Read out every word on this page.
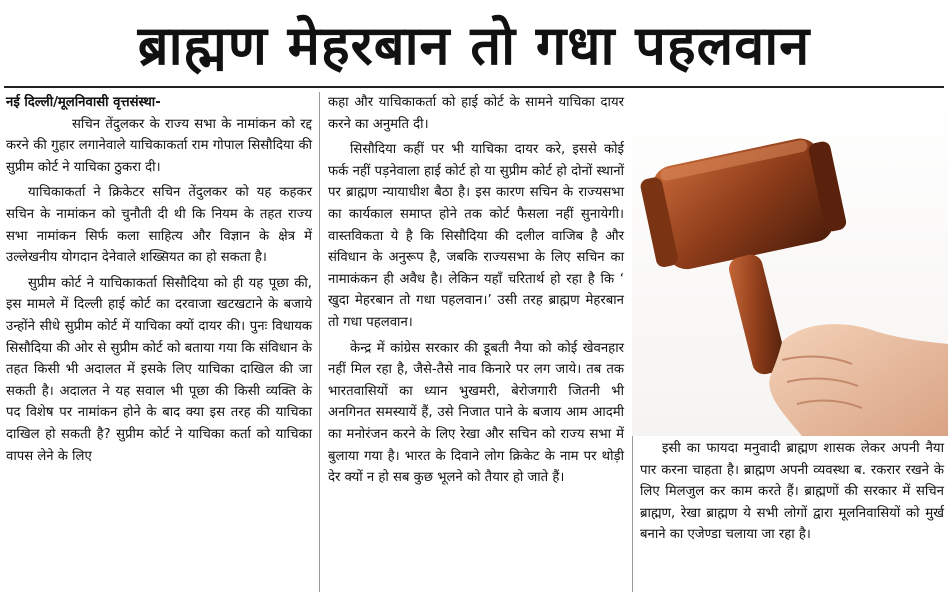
ब्राह्मण मेहरबान तो गधा पहलवान
नई दिल्ली/मूलनिवासी वृत्तसंस्था-

सचिन तेंदुलकर के राज्य सभा के नामांकन को रद्द करने की गुहार लगानेवाले याचिकाकर्ता राम गोपाल सिसौदिया की सुप्रीम कोर्ट ने याचिका ठुकरा दी।

याचिकाकर्ता ने क्रिकेटर सचिन तेंदुलकर को यह कहकर सचिन के नामांकन को चुनौती दी थी कि नियम के तहत राज्य सभा नामांकन सिर्फ कला साहित्य और विज्ञान के क्षेत्र में उल्लेखनीय योगदान देनेवाले शख्सियत का हो सकता है।

सुप्रीम कोर्ट ने याचिकाकर्ता सिसौदिया को ही यह पूछा की, इस मामले में दिल्ली हाई कोर्ट का दरवाजा खटखटाने के बजाये उन्होंने सीधे सुप्रीम कोर्ट में याचिका क्यों दायर की। पुनः विधायक सिसौदिया की ओर से सुप्रीम कोर्ट को बताया गया कि संविधान के तहत किसी भी अदालत में इसके लिए याचिका दाखिल की जा सकती है। अदालत ने यह सवाल भी पूछा की किसी व्यक्ति के पद विशेष पर नामांकन होने के बाद क्या इस तरह की याचिका दाखिल हो सकती है? सुप्रीम कोर्ट ने याचिका कर्ता को याचिका वापस लेने के लिए

कहा और याचिकाकर्ता को हाई कोर्ट के सामने याचिका दायर करने का अनुमति दी।

सिसौदिया कहीं पर भी याचिका दायर करे, इससे कोई फर्क नहीं पड़नेवाला हाई कोर्ट हो या सुप्रीम कोर्ट हो दोनों स्थानों पर ब्राह्मण न्यायाधीश बैठा है। इस कारण सचिन के राज्यसभा का कार्यकाल समाप्त होने तक कोर्ट फैसला नहीं सुनायेगी। वास्तविकता ये है कि सिसौदिया की दलील वाजिब है और संविधान के अनुरूप है, जबकि राज्यसभा के लिए सचिन का नामाकंकन ही अवैध है। लेकिन यहाँ चरितार्थ हो रहा है कि ‘ खुदा मेहरबान तो गधा पहलवान।’ उसी तरह ब्राह्मण मेहरबान तो गधा पहलवान।

केन्द्र में कांग्रेस सरकार की डूबती नैया को कोई खेवनहार नहीं मिल रहा है, जैसे-तैसे नाव किनारे पर लग जाये। तब तक भारतवासियों का ध्यान भुखमरी, बेरोजगारी जितनी भी अनगिनत समस्यायें हैं, उसे निजात पाने के बजाय आम आदमी का मनोरंजन करने के लिए रेखा और सचिन को राज्य सभा में बुलाया गया है। भारत के दिवाने लोग क्रिकेट के नाम पर थोड़ी देर क्यों न हो सब कुछ भूलने को तैयार हो जाते हैं।

इसी का फायदा मनुवादी ब्राह्मण शासक लेकर अपनी नैया पार करना चाहता है। ब्राह्मण अपनी व्यवस्था ब. रकरार रखने के लिए मिलजुल कर काम करते हैं। ब्राह्मणों की सरकार में सचिन ब्राह्मण, रेखा ब्राह्मण ये सभी लोगों द्वारा मूलनिवासियों को मुर्ख बनाने का एजेण्डा चलाया जा रहा है।
